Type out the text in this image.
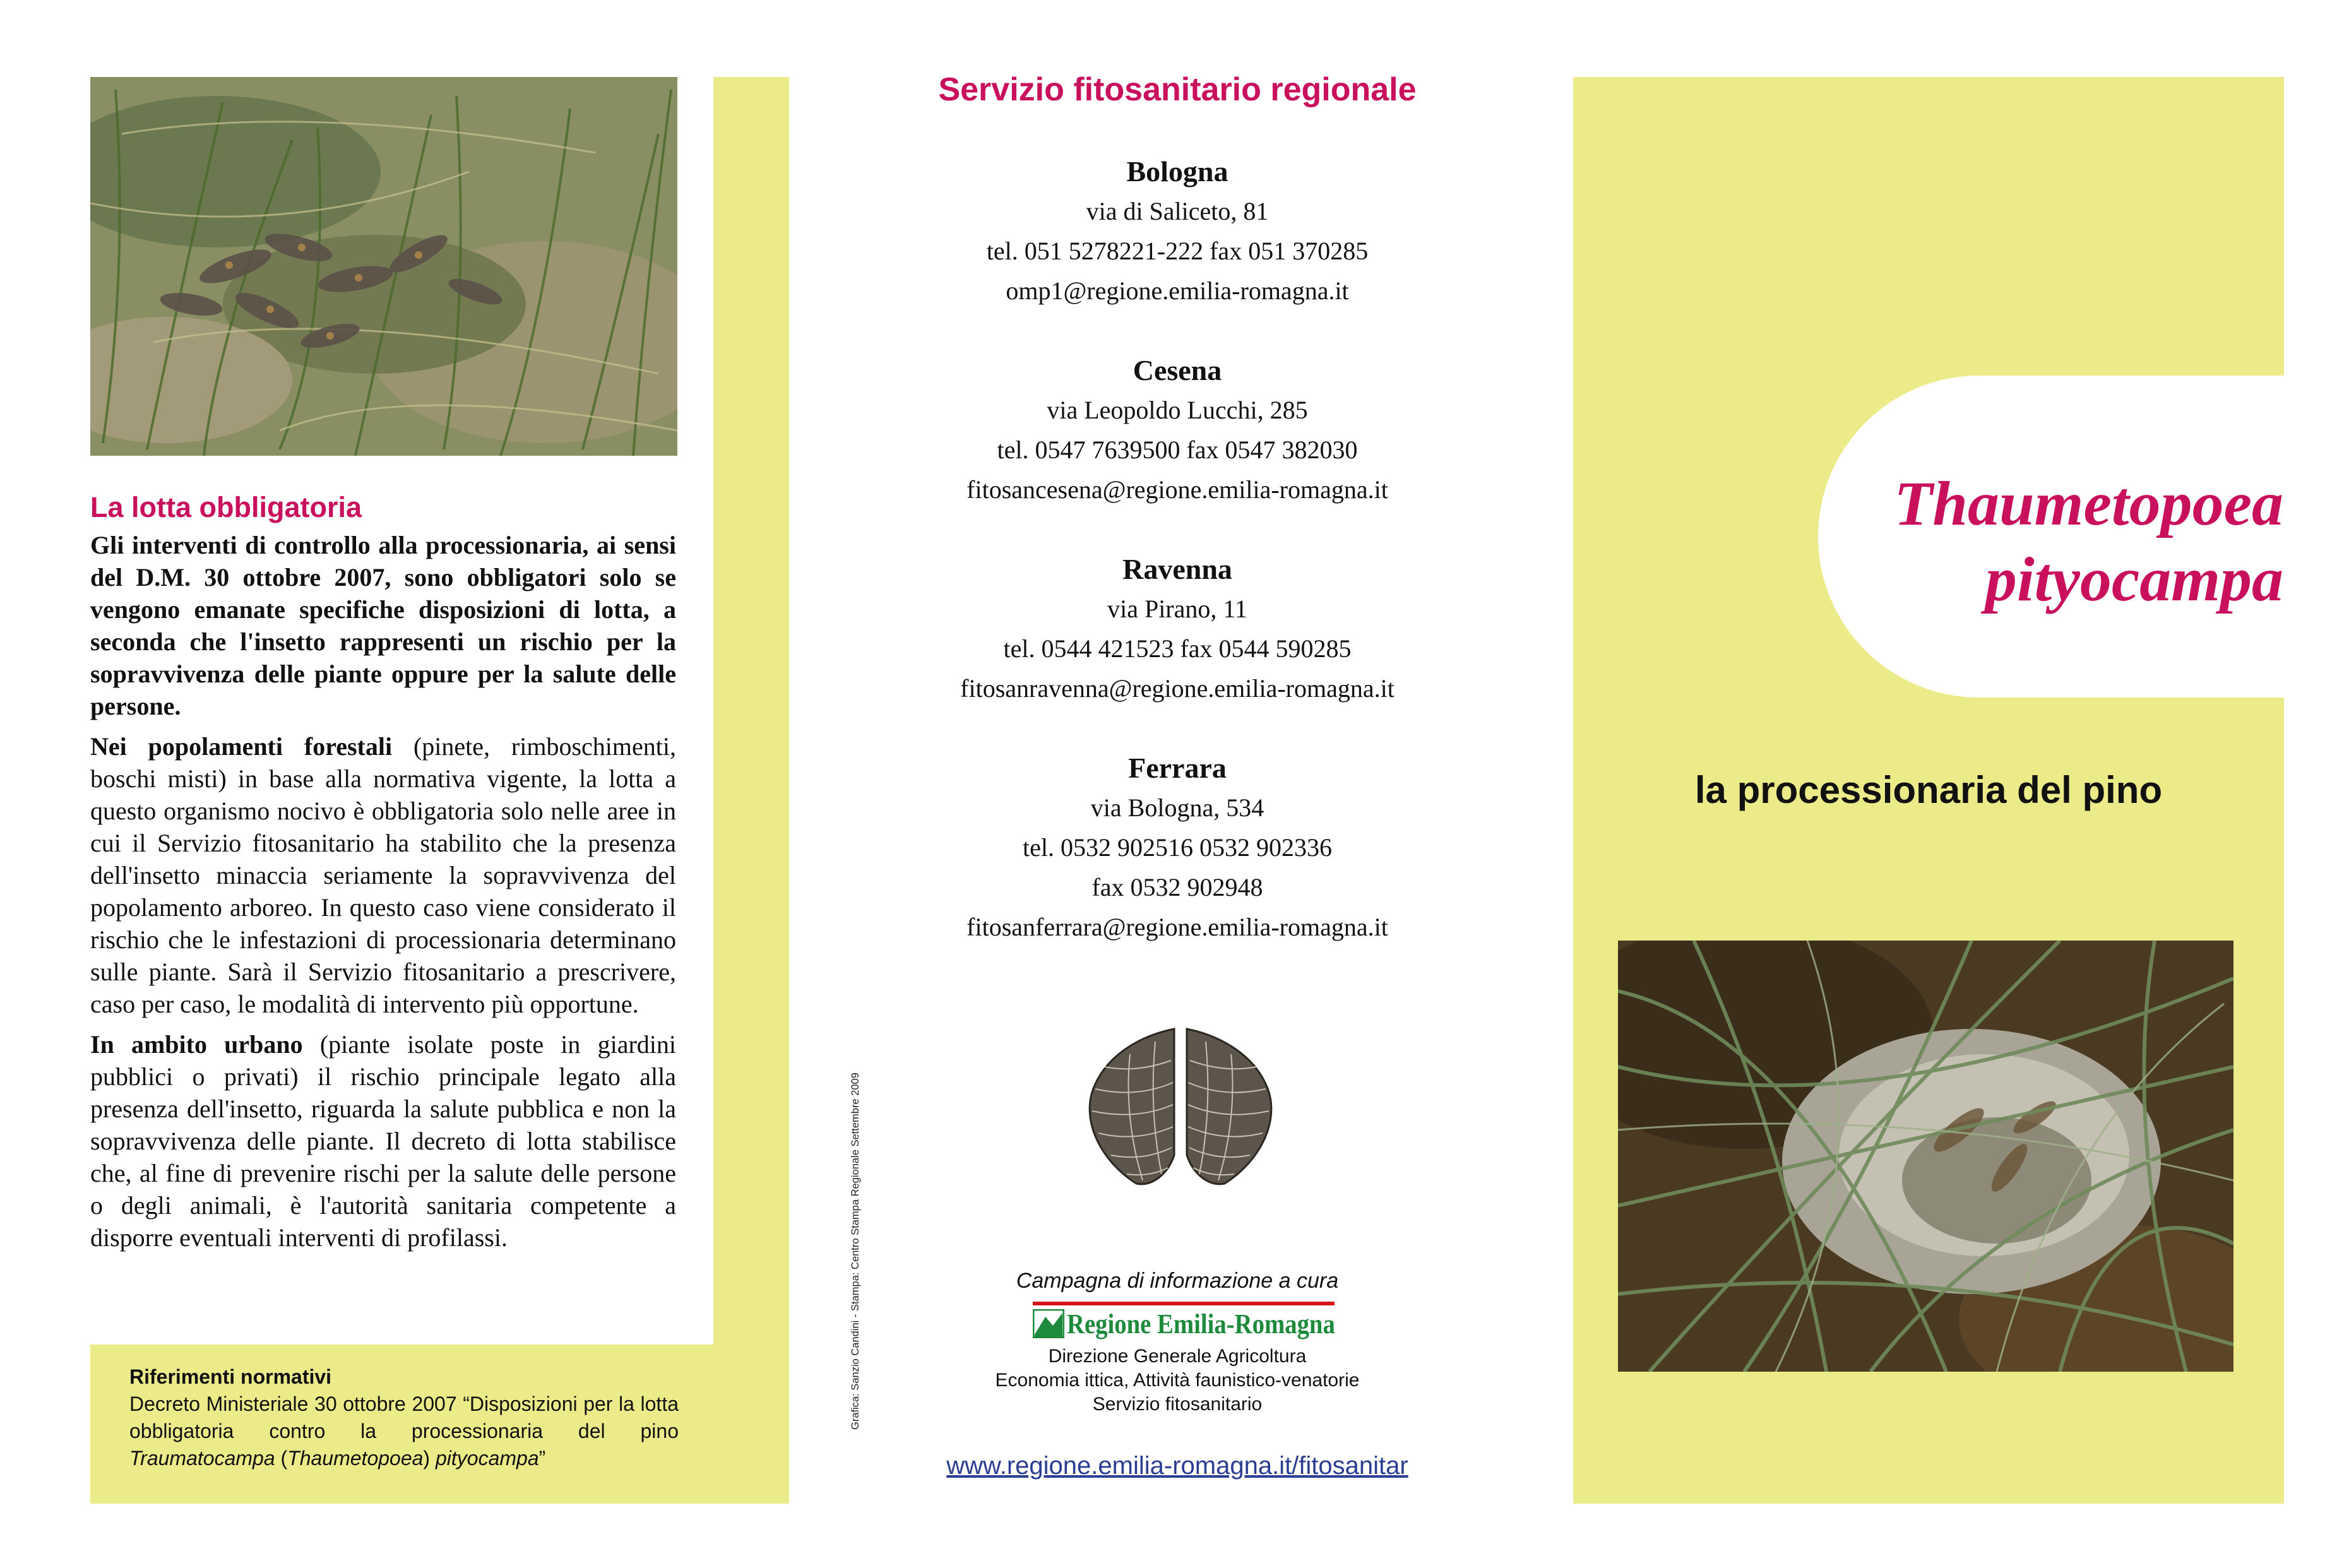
La lotta obbligatoria

Gli interventi di controllo alla processionaria, ai sensi del D.M. 30 ottobre 2007, sono obbligatori solo se vengono emanate specifiche disposizioni di lotta, a seconda che l'insetto rappresenti un rischio per la sopravvivenza delle piante oppure per la salute delle persone.

Nei popolamenti forestali (pinete, rimboschimenti, boschi misti) in base alla normativa vigente, la lotta a questo organismo nocivo è obbligatoria solo nelle aree in cui il Servizio fitosanitario ha stabilito che la presenza dell'insetto minaccia seriamente la sopravvivenza del popolamento arboreo. In questo caso viene considerato il rischio che le infestazioni di processionaria determinano sulle piante. Sarà il Servizio fitosanitario a prescrivere, caso per caso, le modalità di intervento più opportune.

In ambito urbano (piante isolate poste in giardini pubblici o privati) il rischio principale legato alla presenza dell'insetto, riguarda la salute pubblica e non la sopravvivenza delle piante. Il decreto di lotta stabilisce che, al fine di prevenire rischi per la salute delle persone o degli animali, è l'autorità sanitaria competente a disporre eventuali interventi di profilassi.

Riferimenti normativi
Decreto Ministeriale 30 ottobre 2007 “Disposizioni per la lotta obbligatoria contro la processionaria del pino Traumatocampa (Thaumetopoea) pityocampa”
Grafica: Sanzio Candini - Stampa: Centro Stampa Regionale Settembre 2009
Servizio fitosanitario regionale
Bologna
via di Saliceto, 81
tel. 051 5278221-222 fax 051 370285
omp1@regione.emilia-romagna.it
Cesena
via Leopoldo Lucchi, 285
tel. 0547 7639500 fax 0547 382030
fitosancesena@regione.emilia-romagna.it
Ravenna
via Pirano, 11
tel. 0544 421523 fax 0544 590285
fitosanravenna@regione.emilia-romagna.it
Ferrara
via Bologna, 534
tel. 0532 902516 0532 902336
fax 0532 902948
fitosanferrara@regione.emilia-romagna.it
Campagna di informazione a cura
Regione Emilia-Romagna
Direzione Generale Agricoltura
Economia ittica, Attività faunistico-venatorie
Servizio fitosanitario
www.regione.emilia-romagna.it/fitosanitar
Thaumetopoea
pityocampa
la processionaria del pino
